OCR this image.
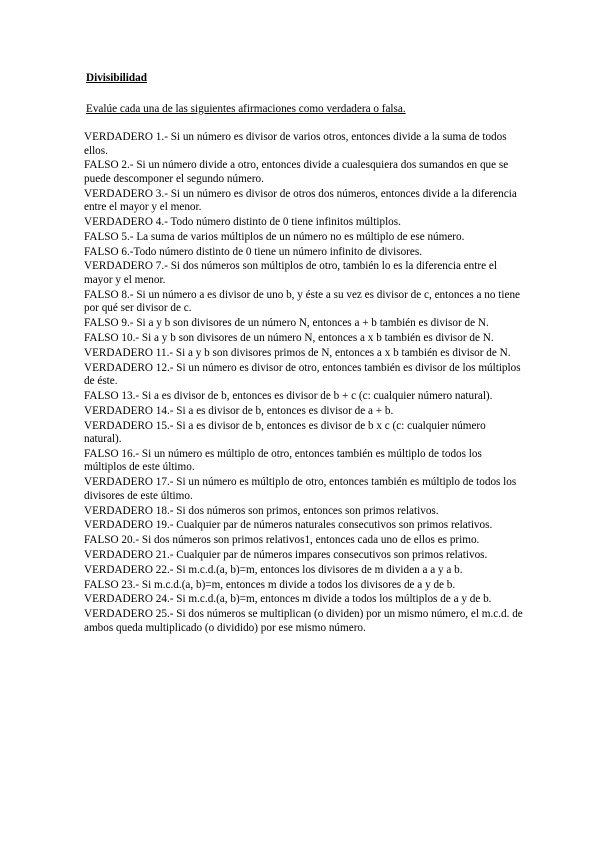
Divisibilidad
Evalúe cada una de las siguientes afirmaciones como verdadera o falsa.
VERDADERO 1.- Si un número es divisor de varios otros, entonces divide a la suma de todos ellos.
FALSO 2.- Si un número divide a otro, entonces divide a cualesquiera dos sumandos en que se puede descomponer el segundo número.
VERDADERO 3.- Si un número es divisor de otros dos números, entonces divide a la diferencia entre el mayor y el menor.
VERDADERO 4.- Todo número distinto de 0 tiene infinitos múltiplos.
FALSO 5.- La suma de varios múltiplos de un número no es múltiplo de ese número.
FALSO 6.-Todo número distinto de 0 tiene un número infinito de divisores.
VERDADERO 7.- Si dos números son múltiplos de otro, también lo es la diferencia entre el mayor y el menor.
FALSO 8.- Si un número a es divisor de uno b, y éste a su vez es divisor de c, entonces a no tiene por qué ser divisor de c.
FALSO 9.- Si a y b son divisores de un número N, entonces a + b también es divisor de N.
FALSO 10.- Si a y b son divisores de un número N, entonces a x b también es divisor de N.
VERDADERO 11.- Si a y b son divisores primos de N, entonces a x b también es divisor de N.
VERDADERO 12.- Si un número es divisor de otro, entonces también es divisor de los múltiplos de éste.
FALSO 13.- Si a es divisor de b, entonces es divisor de b + c (c: cualquier número natural).
VERDADERO 14.- Si a es divisor de b, entonces es divisor de a + b.
VERDADERO 15.- Si a es divisor de b, entonces es divisor de b x c (c: cualquier número natural).
FALSO 16.- Si un número es múltiplo de otro, entonces también es múltiplo de todos los múltiplos de este último.
VERDADERO 17.- Si un número es múltiplo de otro, entonces también es múltiplo de todos los divisores de este último.
VERDADERO 18.- Si dos números son primos, entonces son primos relativos.
VERDADERO 19.- Cualquier par de números naturales consecutivos son primos relativos.
FALSO 20.- Si dos números son primos relativos1, entonces cada uno de ellos es primo.
VERDADERO 21.- Cualquier par de números impares consecutivos son primos relativos.
VERDADERO 22.- Si m.c.d.(a, b)=m, entonces los divisores de m dividen a a y a b.
FALSO 23.- Si m.c.d.(a, b)=m, entonces m divide a todos los divisores de a y de b.
VERDADERO 24.- Si m.c.d.(a, b)=m, entonces m divide a todos los múltiplos de a y de b.
VERDADERO 25.- Si dos números se multiplican (o dividen) por un mismo número, el m.c.d. de ambos queda multiplicado (o dividido) por ese mismo número.
